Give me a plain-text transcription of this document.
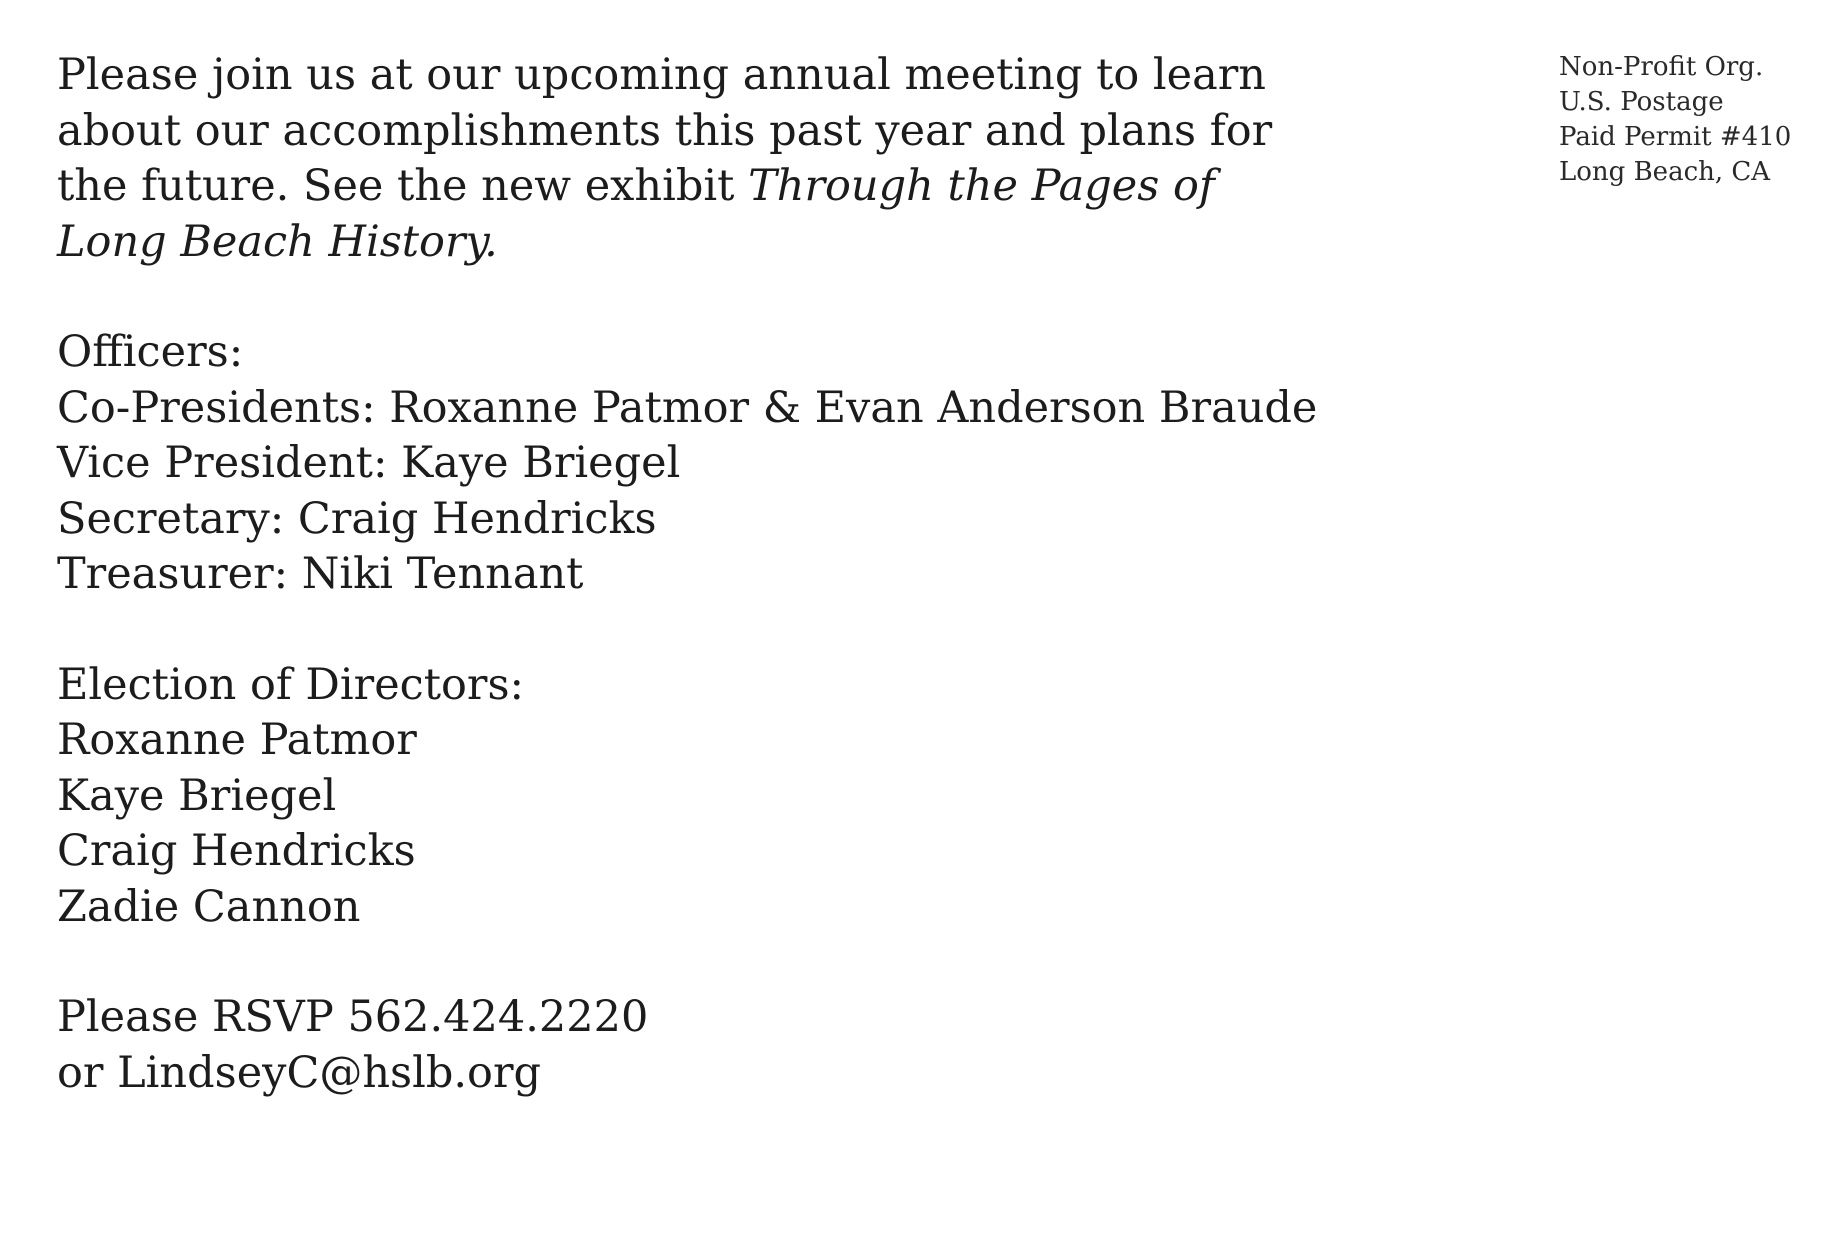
Please join us at our upcoming annual meeting to learn about our accomplishments this past year and plans for the future. See the new exhibit Through the Pages of Long Beach History.

Officers:
Co-Presidents: Roxanne Patmor & Evan Anderson Braude
Vice President: Kaye Briegel
Secretary: Craig Hendricks
Treasurer: Niki Tennant
Election of Directors:
Roxanne Patmor
Kaye Briegel
Craig Hendricks
Zadie Cannon
Please RSVP 562.424.2220
or LindseyC@hslb.org
Non-Profit Org.
U.S. Postage
Paid Permit #410
Long Beach, CA
